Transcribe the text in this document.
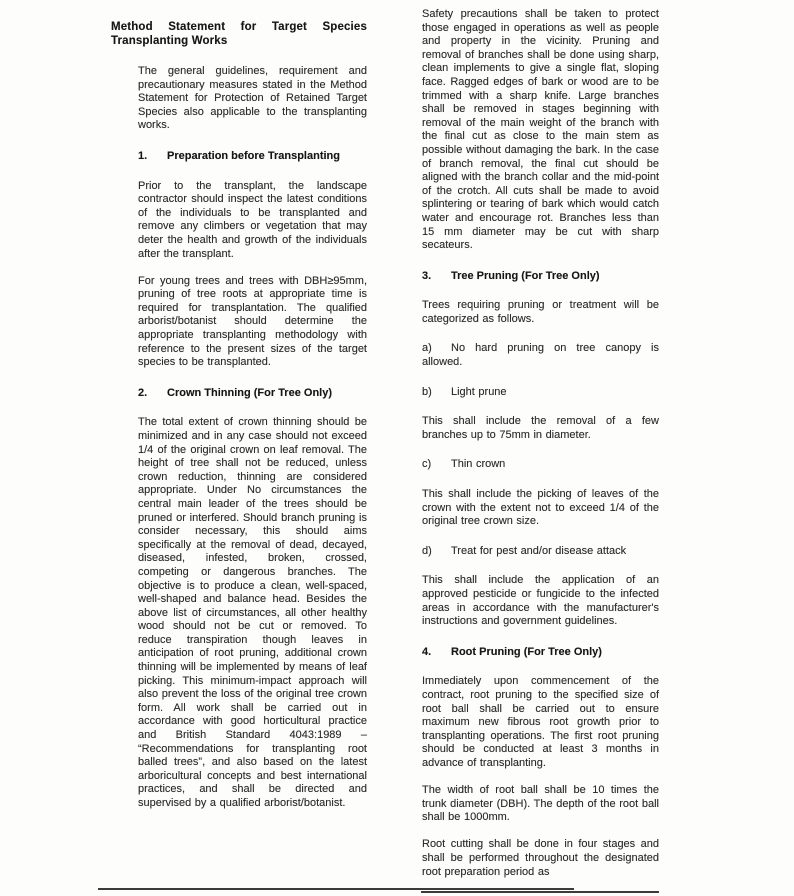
Method Statement for Target Species Transplanting Works

The general guidelines, requirement and precautionary measures stated in the Method Statement for Protection of Retained Target Species also applicable to the transplanting works.

1. Preparation before Transplanting

Prior to the transplant, the landscape contractor should inspect the latest conditions of the individuals to be transplanted and remove any climbers or vegetation that may deter the health and growth of the individuals after the transplant.

For young trees and trees with DBH≥95mm, pruning of tree roots at appropriate time is required for transplantation. The qualified arborist/botanist should determine the appropriate transplanting methodology with reference to the present sizes of the target species to be transplanted.

2. Crown Thinning (For Tree Only)

The total extent of crown thinning should be minimized and in any case should not exceed 1/4 of the original crown on leaf removal. The height of tree shall not be reduced, unless crown reduction, thinning are considered appropriate. Under No circumstances the central main leader of the trees should be pruned or interfered. Should branch pruning is consider necessary, this should aims specifically at the removal of dead, decayed, diseased, infested, broken, crossed, competing or dangerous branches. The objective is to produce a clean, well-spaced, well-shaped and balance head. Besides the above list of circumstances, all other healthy wood should not be cut or removed. To reduce transpiration though leaves in anticipation of root pruning, additional crown thinning will be implemented by means of leaf picking. This minimum-impact approach will also prevent the loss of the original tree crown form. All work shall be carried out in accordance with good horticultural practice and British Standard 4043:1989 – “Recommendations for transplanting root balled trees”, and also based on the latest arboricultural concepts and best international practices, and shall be directed and supervised by a qualified arborist/botanist.

Safety precautions shall be taken to protect those engaged in operations as well as people and property in the vicinity. Pruning and removal of branches shall be done using sharp, clean implements to give a single flat, sloping face. Ragged edges of bark or wood are to be trimmed with a sharp knife. Large branches shall be removed in stages beginning with removal of the main weight of the branch with the final cut as close to the main stem as possible without damaging the bark. In the case of branch removal, the final cut should be aligned with the branch collar and the mid-point of the crotch. All cuts shall be made to avoid splintering or tearing of bark which would catch water and encourage rot. Branches less than 15 mm diameter may be cut with sharp secateurs.

3. Tree Pruning (For Tree Only)

Trees requiring pruning or treatment will be categorized as follows.

a) No hard pruning on tree canopy is allowed.

b) Light prune

This shall include the removal of a few branches up to 75mm in diameter.

c) Thin crown

This shall include the picking of leaves of the crown with the extent not to exceed 1/4 of the original tree crown size.

d) Treat for pest and/or disease attack

This shall include the application of an approved pesticide or fungicide to the infected areas in accordance with the manufacturer's instructions and government guidelines.

4. Root Pruning (For Tree Only)

Immediately upon commencement of the contract, root pruning to the specified size of root ball shall be carried out to ensure maximum new fibrous root growth prior to transplanting operations. The first root pruning should be conducted at least 3 months in advance of transplanting.

The width of root ball shall be 10 times the trunk diameter (DBH). The depth of the root ball shall be 1000mm.

Root cutting shall be done in four stages and shall be performed throughout the designated root preparation period as
